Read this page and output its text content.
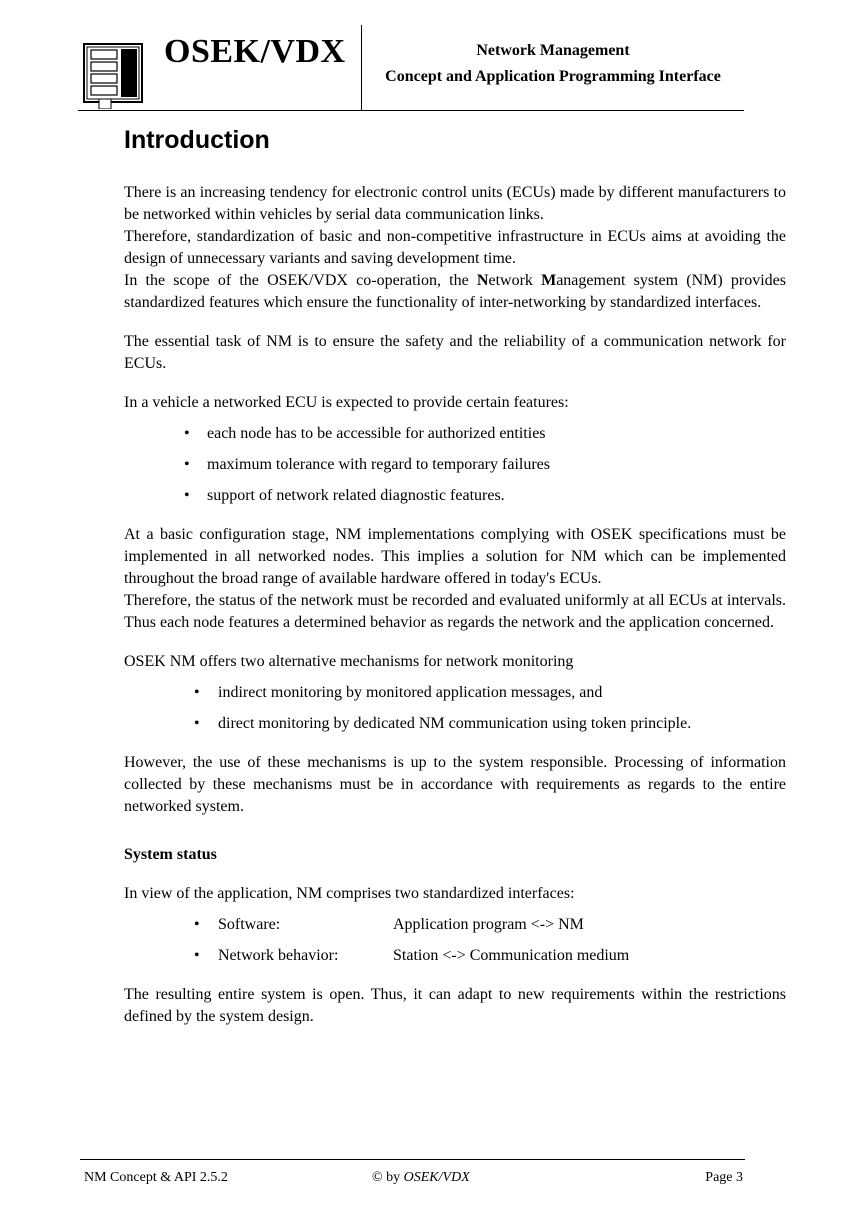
OSEK/VDX	Network Management
Concept and Application Programming Interface
Introduction

There is an increasing tendency for electronic control units (ECUs) made by different manufacturers to be networked within vehicles by serial data communication links.

Therefore, standardization of basic and non-competitive infrastructure in ECUs aims at avoiding the design of unnecessary variants and saving development time.

In the scope of the OSEK/VDX co-operation, the Network Management system (NM) provides standardized features which ensure the functionality of inter-networking by standardized interfaces.

The essential task of NM is to ensure the safety and the reliability of a communication network for ECUs.

In a vehicle a networked ECU is expected to provide certain features:

• each node has to be accessible for authorized entities
• maximum tolerance with regard to temporary failures
• support of network related diagnostic features.

At a basic configuration stage, NM implementations complying with OSEK specifications must be implemented in all networked nodes. This implies a solution for NM which can be implemented throughout the broad range of available hardware offered in today's ECUs.

Therefore, the status of the network must be recorded and evaluated uniformly at all ECUs at intervals. Thus each node features a determined behavior as regards the network and the application concerned.

OSEK NM offers two alternative mechanisms for network monitoring

• indirect monitoring by monitored application messages, and
• direct monitoring by dedicated NM communication using token principle.

However, the use of these mechanisms is up to the system responsible. Processing of information collected by these mechanisms must be in accordance with requirements as regards to the entire networked system.

System status

In view of the application, NM comprises two standardized interfaces:

• Software:	Application program <-> NM
• Network behavior:	Station <-> Communication medium

The resulting entire system is open. Thus, it can adapt to new requirements within the restrictions defined by the system design.

NM Concept & API 2.5.2	© by OSEK/VDX	Page 3
